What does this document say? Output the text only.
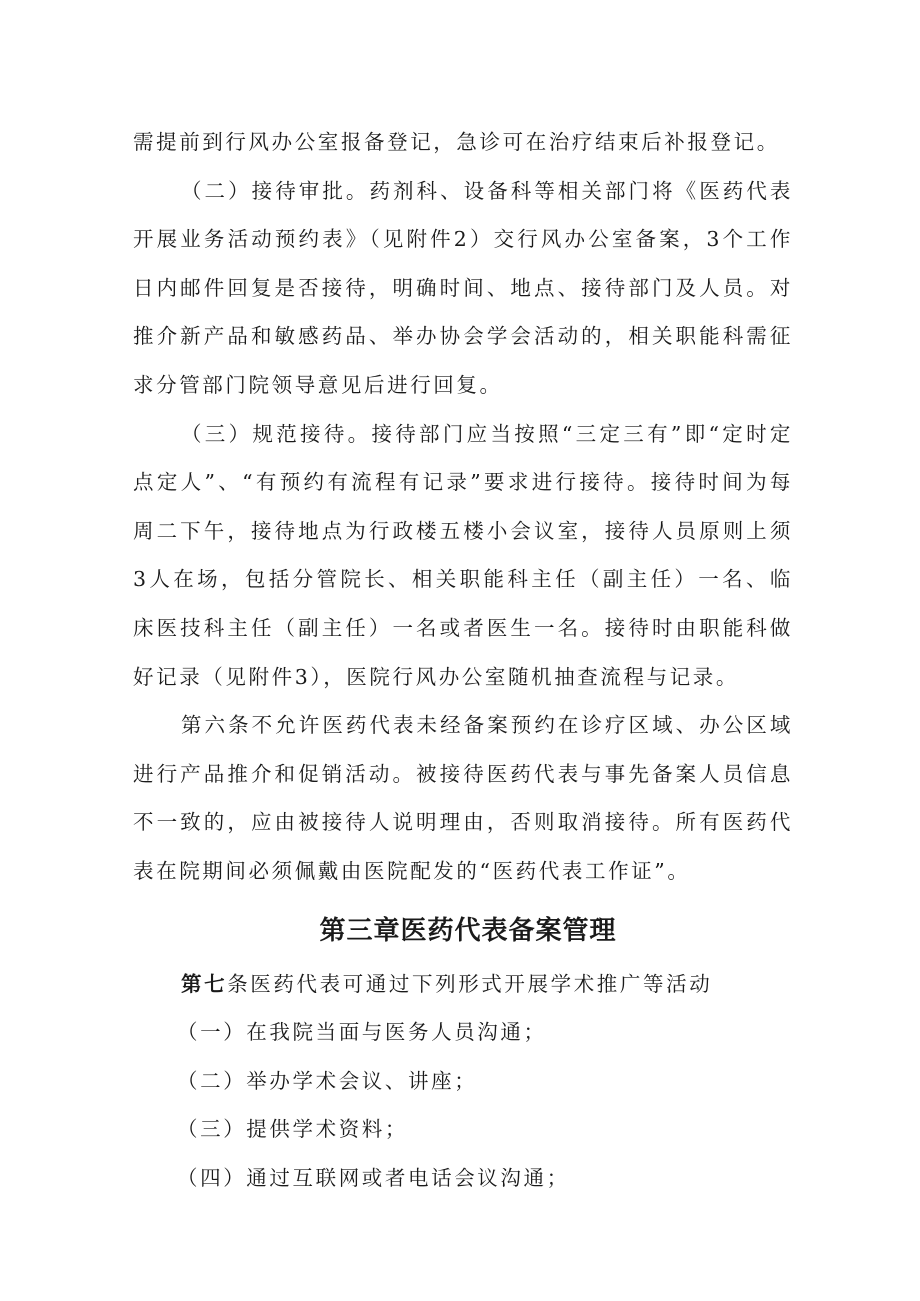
需提前到行风办公室报备登记，急诊可在治疗结束后补报登记。

（二）接待审批。药剂科、设备科等相关部门将《医药代表开展业务活动预约表》（见附件2）交行风办公室备案，3个工作日内邮件回复是否接待，明确时间、地点、接待部门及人员。对推介新产品和敏感药品、举办协会学会活动的，相关职能科需征求分管部门院领导意见后进行回复。

（三）规范接待。接待部门应当按照“三定三有”即“定时定点定人”、“有预约有流程有记录”要求进行接待。接待时间为每周二下午，接待地点为行政楼五楼小会议室，接待人员原则上须3人在场，包括分管院长、相关职能科主任（副主任）一名、临床医技科主任（副主任）一名或者医生一名。接待时由职能科做好记录（见附件3），医院行风办公室随机抽查流程与记录。

第六条不允许医药代表未经备案预约在诊疗区域、办公区域进行产品推介和促销活动。被接待医药代表与事先备案人员信息不一致的，应由被接待人说明理由，否则取消接待。所有医药代表在院期间必须佩戴由医院配发的“医药代表工作证”。

第三章医药代表备案管理

第七条医药代表可通过下列形式开展学术推广等活动

（一）在我院当面与医务人员沟通；

（二）举办学术会议、讲座；

（三）提供学术资料；

（四）通过互联网或者电话会议沟通；
